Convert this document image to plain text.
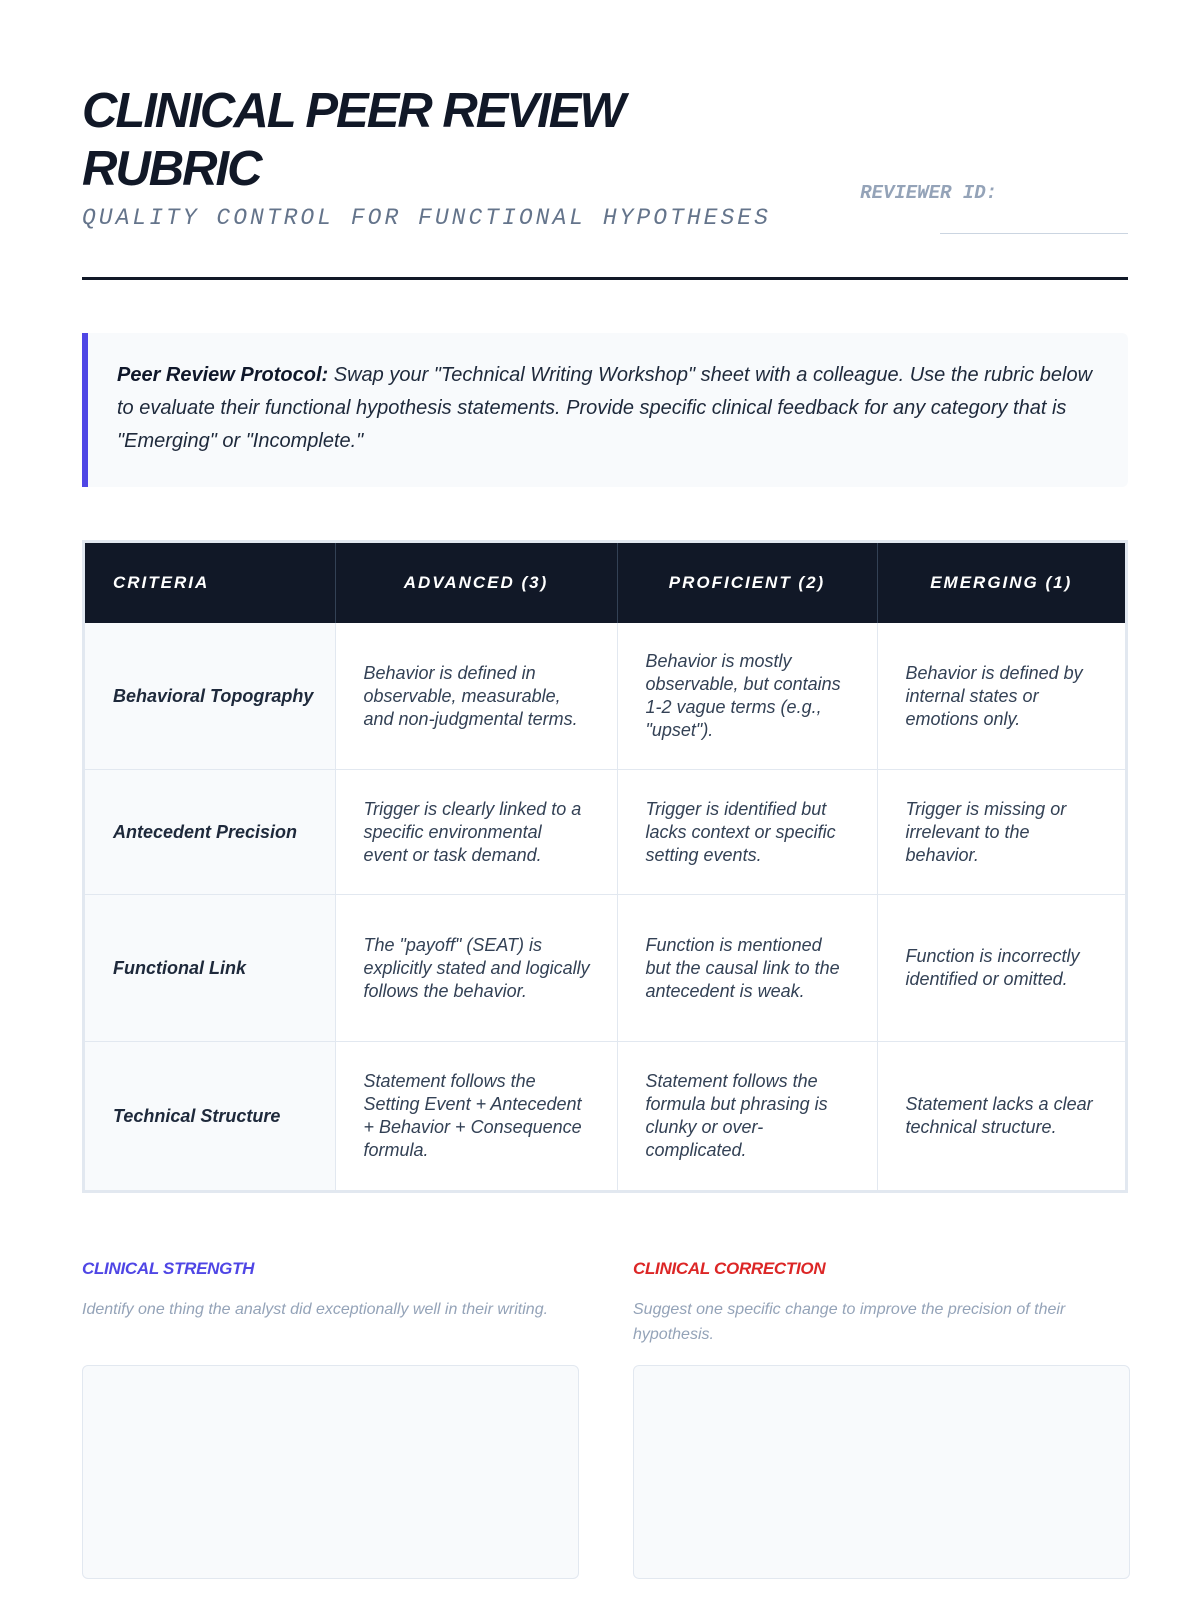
CLINICAL PEER REVIEW RUBRIC
QUALITY CONTROL FOR FUNCTIONAL HYPOTHESES
REVIEWER ID:
Peer Review Protocol: Swap your "Technical Writing Workshop" sheet with a colleague. Use the rubric below to evaluate their functional hypothesis statements. Provide specific clinical feedback for any category that is "Emerging" or "Incomplete."
CRITERIA	ADVANCED (3)	PROFICIENT (2)	EMERGING (1)
Behavioral Topography	Behavior is defined in observable, measurable, and non-judgmental terms.	Behavior is mostly observable, but contains 1-2 vague terms (e.g., "upset").	Behavior is defined by internal states or emotions only.
Antecedent Precision	Trigger is clearly linked to a specific environmental event or task demand.	Trigger is identified but lacks context or specific setting events.	Trigger is missing or irrelevant to the behavior.
Functional Link	The "payoff" (SEAT) is explicitly stated and logically follows the behavior.	Function is mentioned but the causal link to the antecedent is weak.	Function is incorrectly identified or omitted.
Technical Structure	Statement follows the Setting Event + Antecedent + Behavior + Consequence formula.	Statement follows the formula but phrasing is clunky or over-complicated.	Statement lacks a clear technical structure.
CLINICAL STRENGTH
Identify one thing the analyst did exceptionally well in their writing.
CLINICAL CORRECTION
Suggest one specific change to improve the precision of their hypothesis.
